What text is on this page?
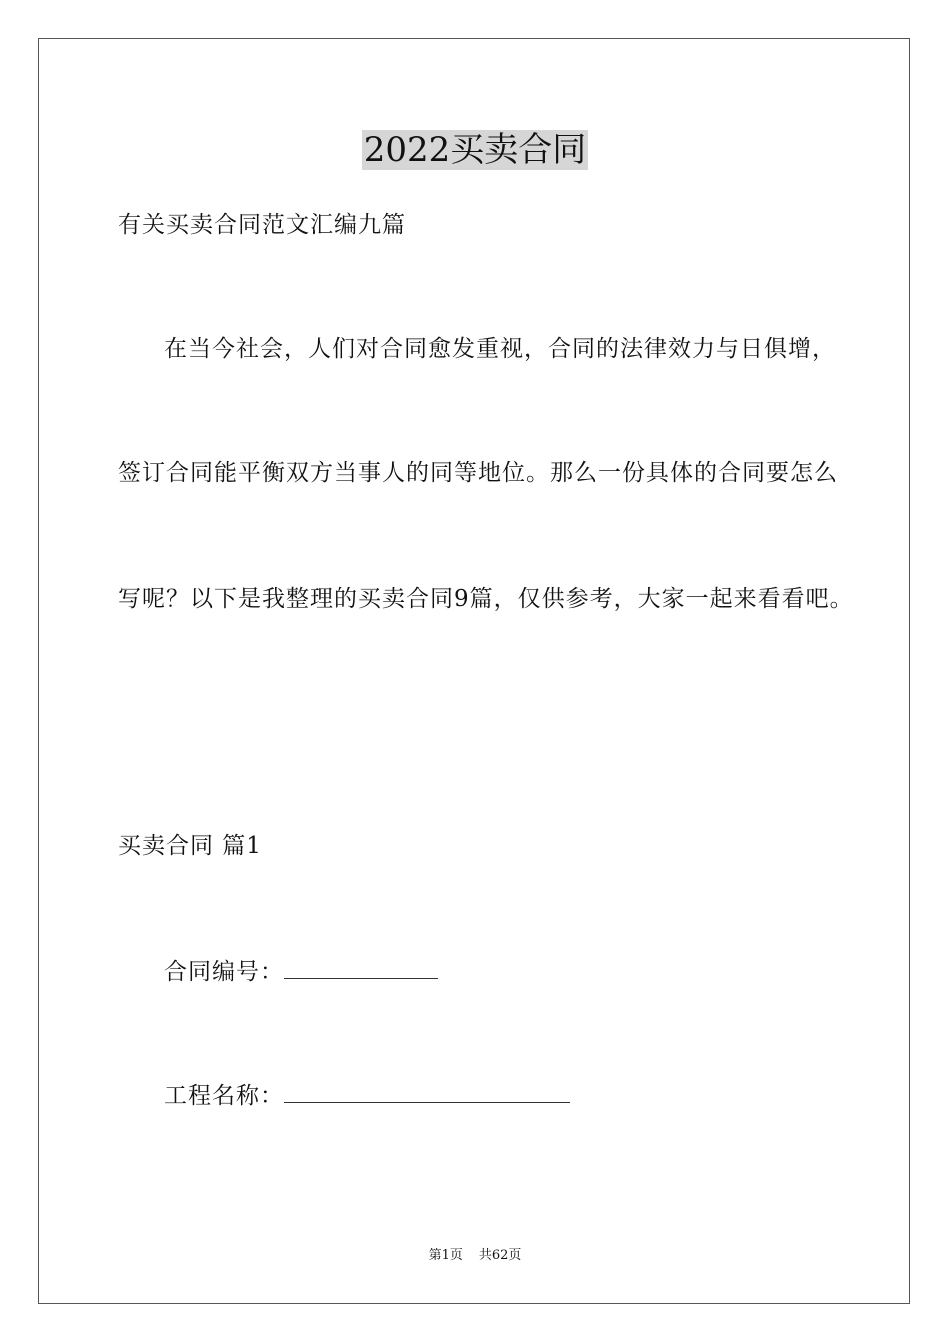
2022买卖合同
有关买卖合同范文汇编九篇
在当今社会，人们对合同愈发重视，合同的法律效力与日俱增，
签订合同能平衡双方当事人的同等地位。那么一份具体的合同要怎么
写呢？以下是我整理的买卖合同9篇，仅供参考，大家一起来看看吧。
买卖合同 篇1
合同编号：
工程名称：
第1页 共62页
